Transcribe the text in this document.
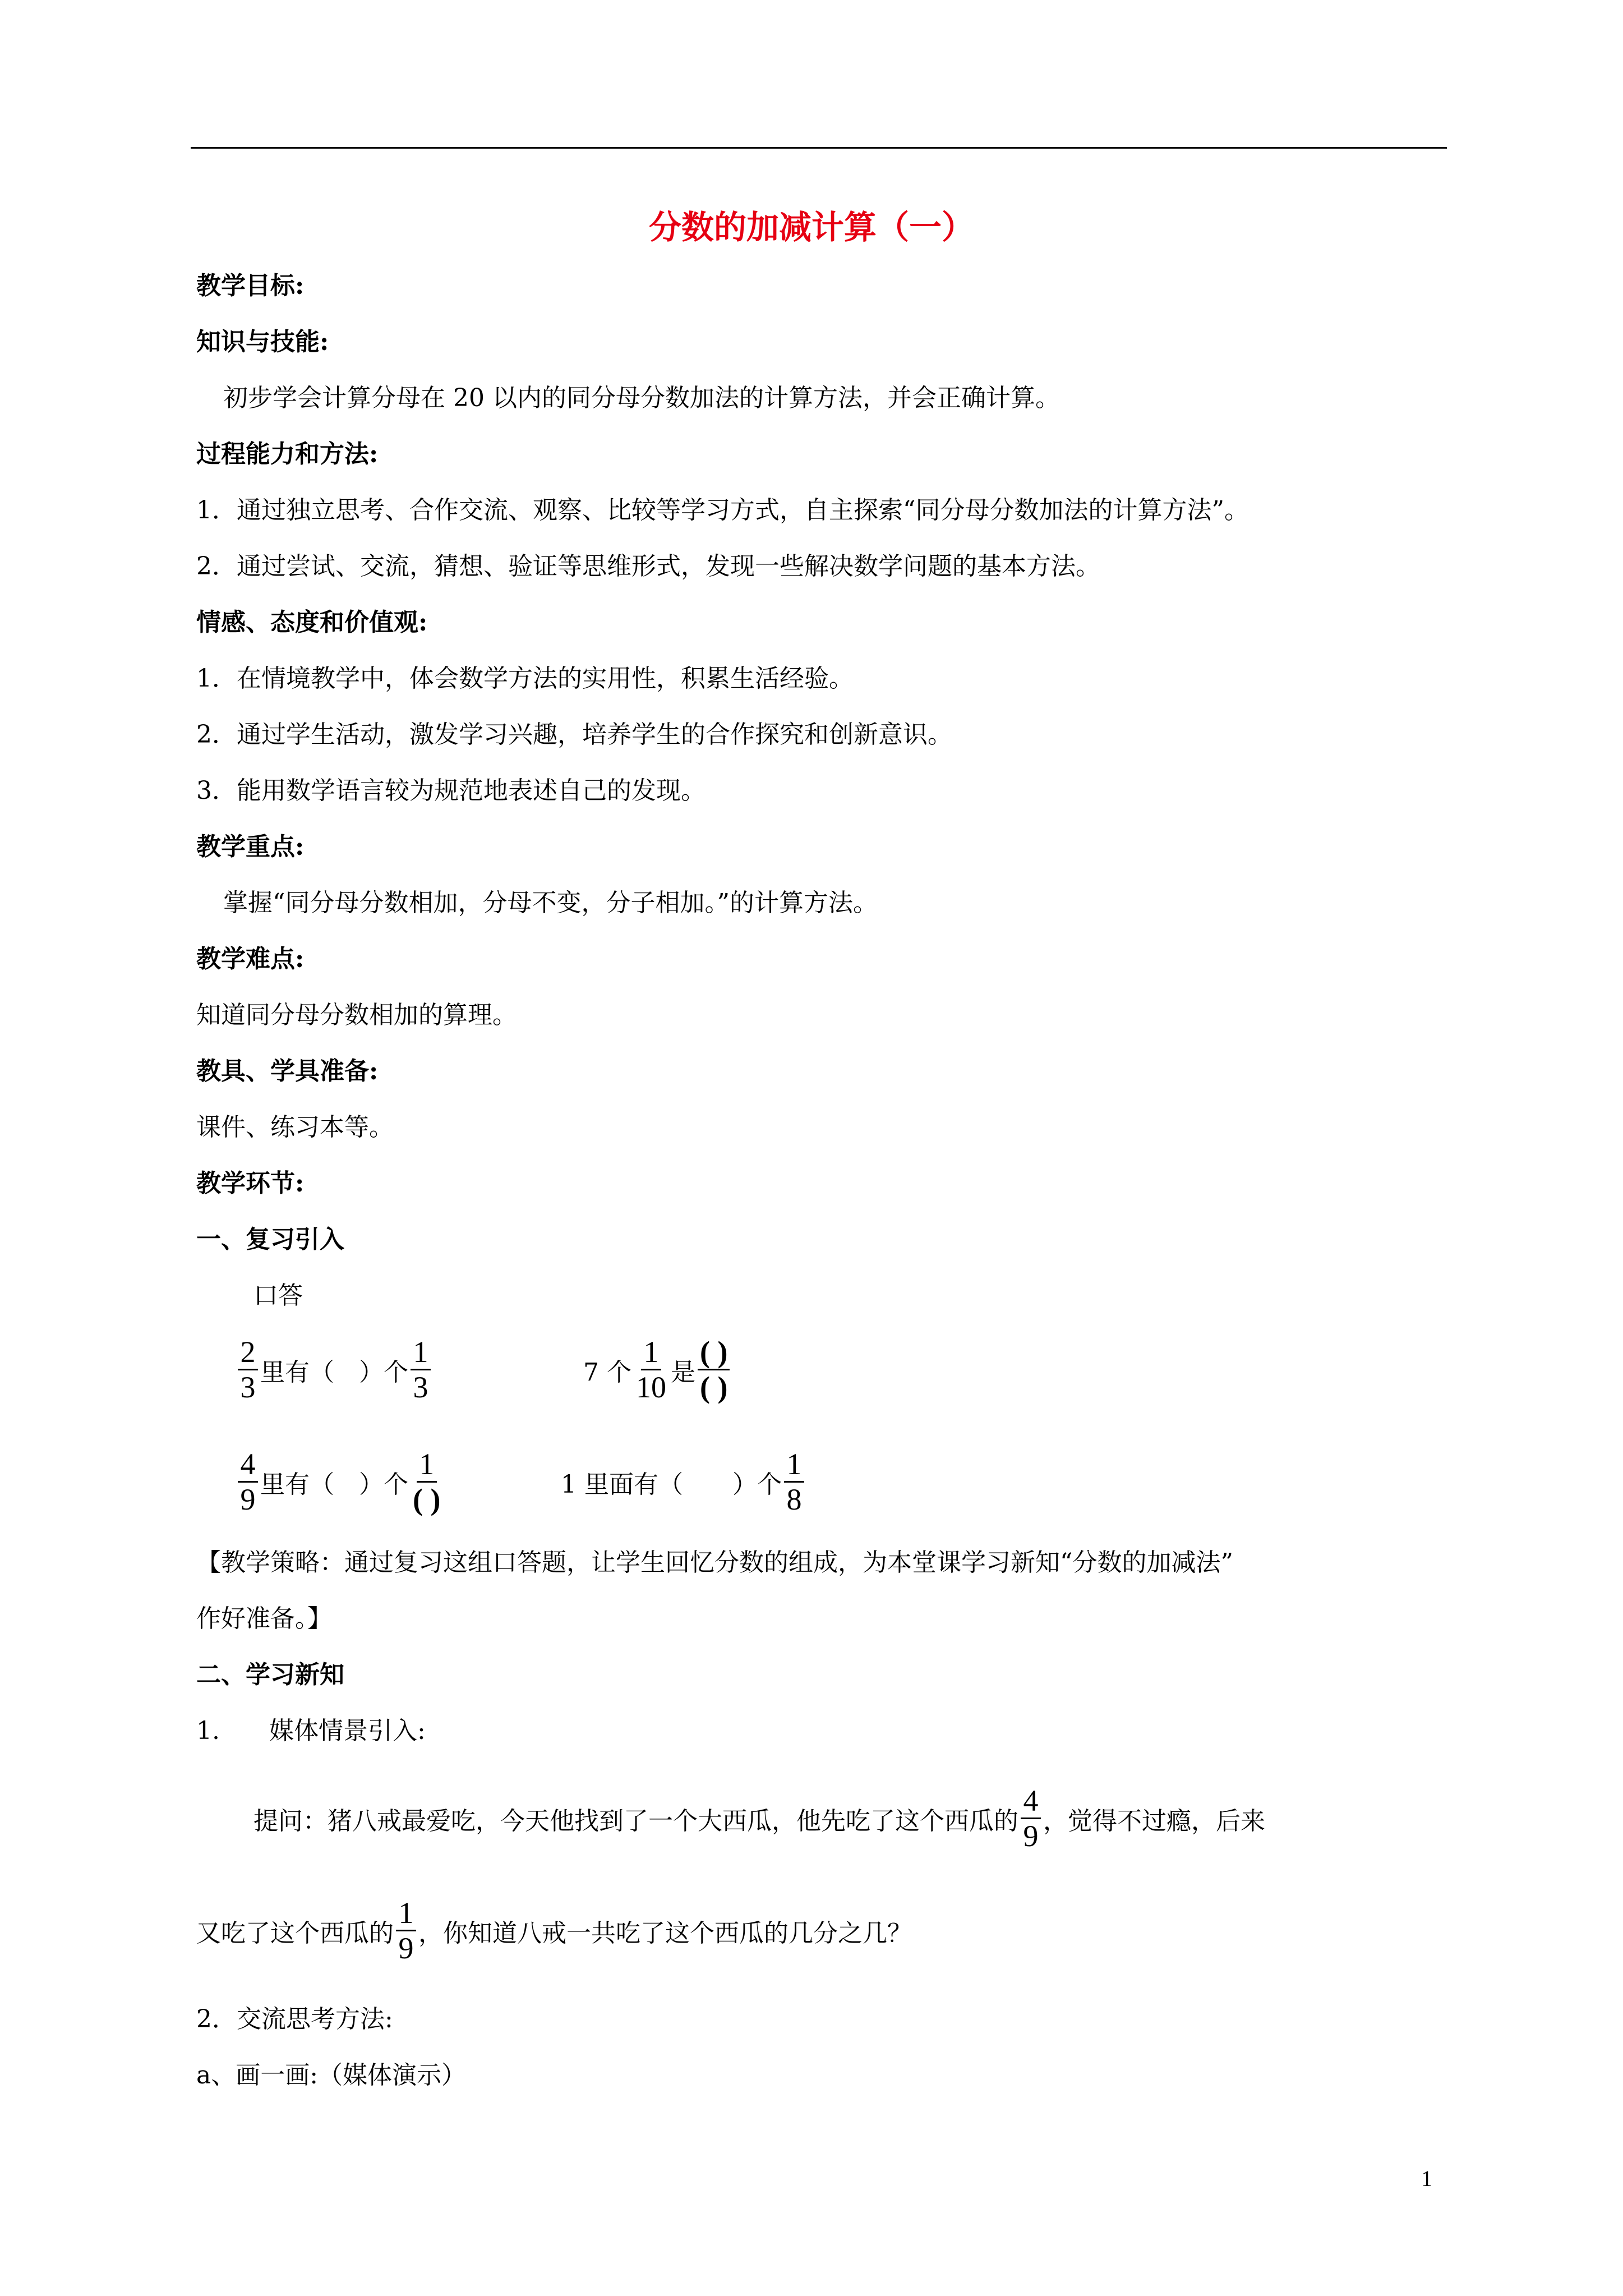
分数的加减计算（一）
教学目标:
知识与技能:
初步学会计算分母在 20 以内的同分母分数加法的计算方法，并会正确计算。
过程能力和方法:
1．通过独立思考、合作交流、观察、比较等学习方式，自主探索“同分母分数加法的计算方法”。
2．通过尝试、交流，猜想、验证等思维形式，发现一些解决数学问题的基本方法。
情感、态度和价值观:
1．在情境教学中，体会数学方法的实用性，积累生活经验。
2．通过学生活动，激发学习兴趣，培养学生的合作探究和创新意识。
3．能用数学语言较为规范地表述自己的发现。
教学重点:
掌握“同分母分数相加，分母不变，分子相加。”的计算方法。
教学难点:
知道同分母分数相加的算理。
教具、学具准备:
课件、练习本等。
教学环节:
一、复习引入
口答
$\frac{2}{3}$ 里有（　）个 $\frac{1}{3}$	7 个 $\frac{1}{10}$ 是 $\frac{( )}{( )}$
$\frac{4}{9}$ 里有（　）个 $\frac{1}{( )}$	1 里面有（　　）个 $\frac{1}{8}$
【教学策略：通过复习这组口答题，让学生回忆分数的组成，为本堂课学习新知“分数的加减法”
作好准备。】
二、学习新知
1.　　媒体情景引入:
提问：猪八戒最爱吃，今天他找到了一个大西瓜，他先吃了这个西瓜的 $\frac{4}{9}$ ，觉得不过瘾，后来
又吃了这个西瓜的 $\frac{1}{9}$ ，你知道八戒一共吃了这个西瓜的几分之几？
2．交流思考方法:
a、画一画:（媒体演示）
1
